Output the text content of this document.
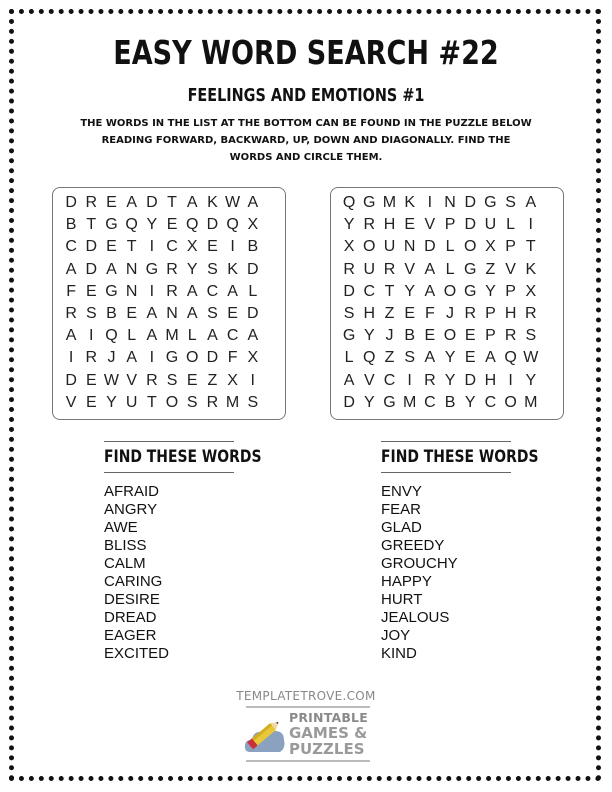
EASY WORD SEARCH #22
FEELINGS AND EMOTIONS #1
THE WORDS IN THE LIST AT THE BOTTOM CAN BE FOUND IN THE PUZZLE BELOW READING FORWARD, BACKWARD, UP, DOWN AND DIAGONALLY. FIND THE WORDS AND CIRCLE THEM.
D R E A D T A K W A
B T G Q Y E Q D Q X
C D E T I C X E I B
A D A N G R Y S K D
F E G N I R A C A L
R S B E A N A S E D
A I Q L A M L A C A
I R J A I G O D F X
D E W V R S E Z X I
V E Y U T O S R M S
Q G M K I N D G S A
Y R H E V P D U L I
X O U N D L O X P T
R U R V A L G Z V K
D C T Y A O G Y P X
S H Z E F J R P H R
G Y J B E O E P R S
L Q Z S A Y E A Q W
A V C I R Y D H I Y
D Y G M C B Y C O M
FIND THESE WORDS	FIND THESE WORDS
AFRAID
ANGRY
AWE
BLISS
CALM
CARING
DESIRE
DREAD
EAGER
EXCITED
ENVY
FEAR
GLAD
GREEDY
GROUCHY
HAPPY
HURT
JEALOUS
JOY
KIND
TEMPLATETROVE.COM
PRINTABLE
GAMES &
PUZZLES
